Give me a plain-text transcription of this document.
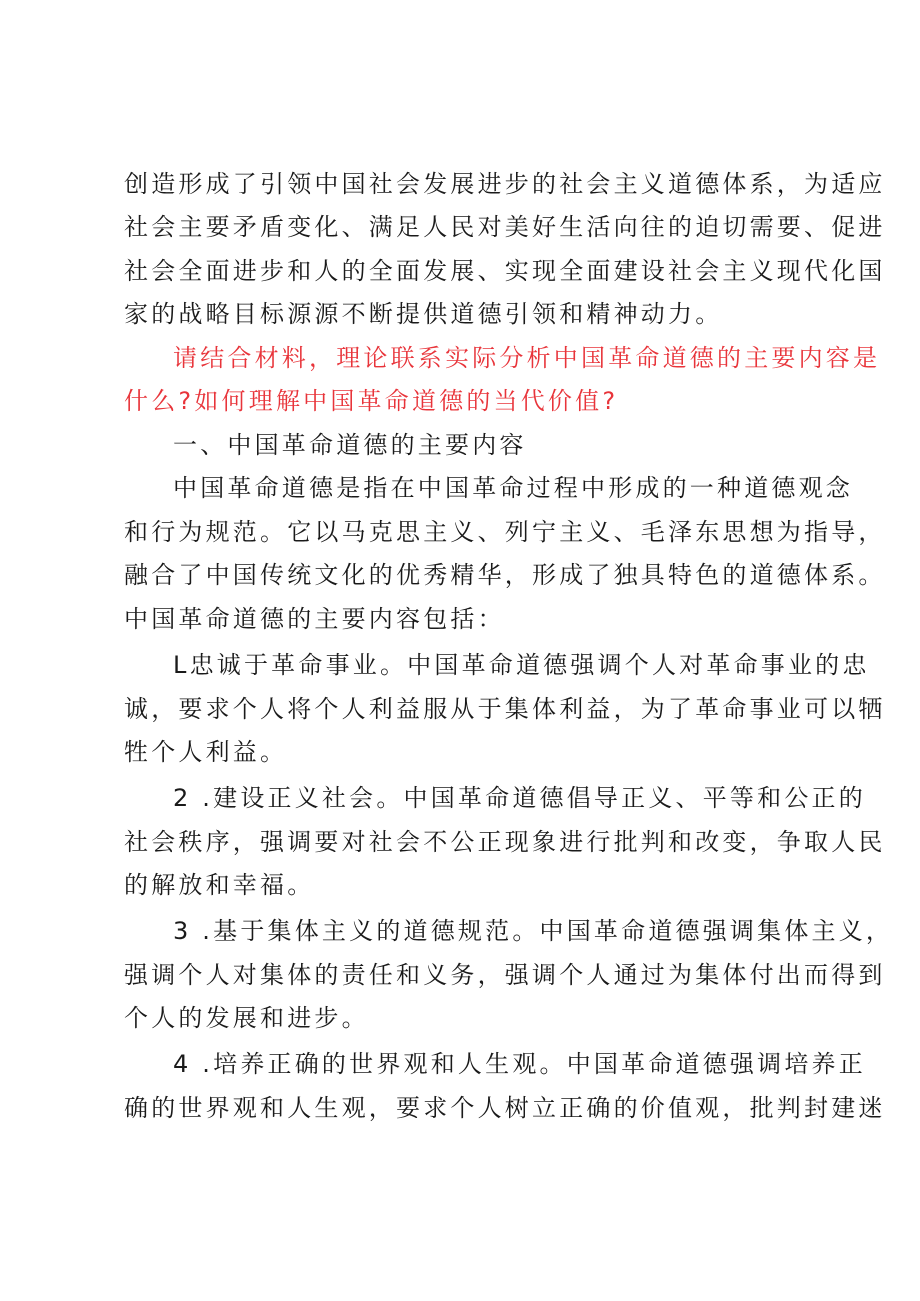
创造形成了引领中国社会发展进步的社会主义道德体系，为适应
社会主要矛盾变化、满足人民对美好生活向往的迫切需要、促进
社会全面进步和人的全面发展、实现全面建设社会主义现代化国
家的战略目标源源不断提供道德引领和精神动力。
请结合材料，理论联系实际分析中国革命道德的主要内容是
什么?如何理解中国革命道德的当代价值?
一、中国革命道德的主要内容
中国革命道德是指在中国革命过程中形成的一种道德观念
和行为规范。它以马克思主义、列宁主义、毛泽东思想为指导，
融合了中国传统文化的优秀精华，形成了独具特色的道德体系。
中国革命道德的主要内容包括：
L忠诚于革命事业。中国革命道德强调个人对革命事业的忠
诚，要求个人将个人利益服从于集体利益，为了革命事业可以牺
牲个人利益。
2 .建设正义社会。中国革命道德倡导正义、平等和公正的
社会秩序，强调要对社会不公正现象进行批判和改变，争取人民
的解放和幸福。
3 .基于集体主义的道德规范。中国革命道德强调集体主义，
强调个人对集体的责任和义务，强调个人通过为集体付出而得到
个人的发展和进步。
4 .培养正确的世界观和人生观。中国革命道德强调培养正
确的世界观和人生观，要求个人树立正确的价值观，批判封建迷
